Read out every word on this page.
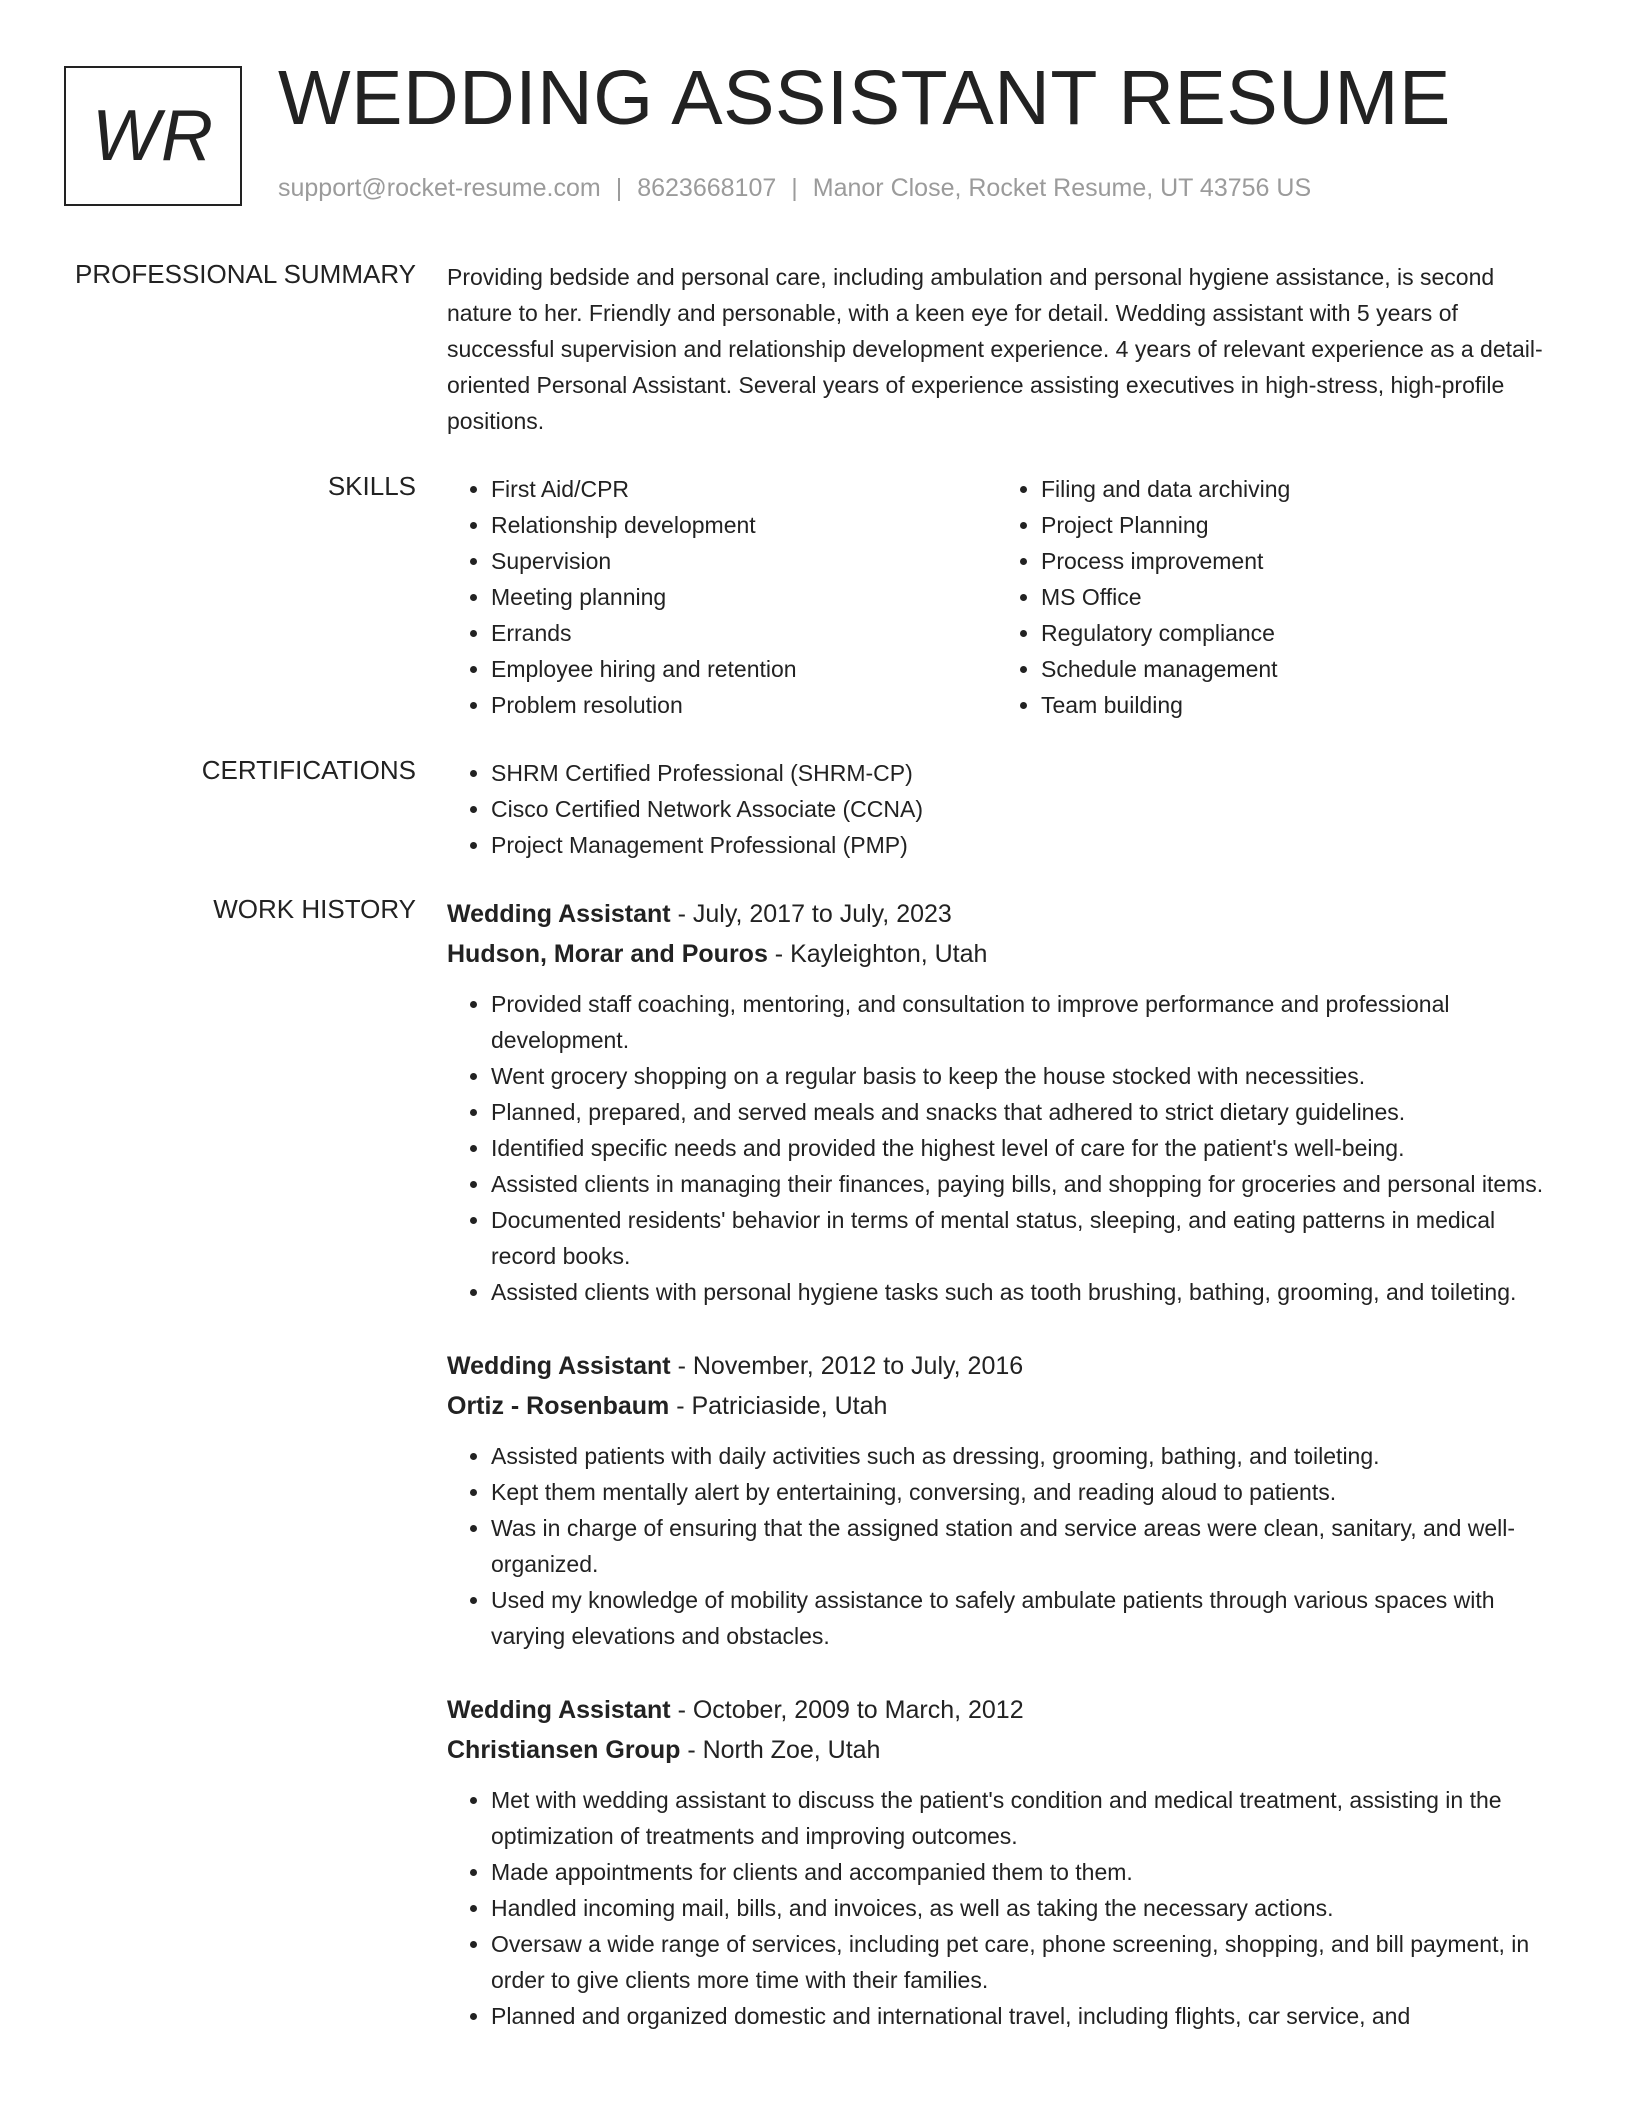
WR WEDDING ASSISTANT RESUME
support@rocket-resume.com | 8623668107 | Manor Close, Rocket Resume, UT 43756 US
PROFESSIONAL SUMMARY Providing bedside and personal care, including ambulation and personal hygiene assistance, is second nature to her. Friendly and personable, with a keen eye for detail. Wedding assistant with 5 years of successful supervision and relationship development experience. 4 years of relevant experience as a detail-oriented Personal Assistant. Several years of experience assisting executives in high-stress, high-profile positions.

SKILLS	• First Aid/CPR
• Relationship development
• Supervision
• Meeting planning
• Errands
• Employee hiring and retention
• Problem resolution
• Filing and data archiving
• Project Planning
• Process improvement
• MS Office
• Regulatory compliance
• Schedule management
• Team building
CERTIFICATIONS	• SHRM Certified Professional (SHRM-CP)
• Cisco Certified Network Associate (CCNA)
• Project Management Professional (PMP)
WORK HISTORY Wedding Assistant - July, 2017 to July, 2023

Hudson, Morar and Pouros - Kayleighton, Utah

• Provided staff coaching, mentoring, and consultation to improve performance and professional development.
• Went grocery shopping on a regular basis to keep the house stocked with necessities.
• Planned, prepared, and served meals and snacks that adhered to strict dietary guidelines.
• Identified specific needs and provided the highest level of care for the patient's well-being.
• Assisted clients in managing their finances, paying bills, and shopping for groceries and personal items.
• Documented residents' behavior in terms of mental status, sleeping, and eating patterns in medical record books.
• Assisted clients with personal hygiene tasks such as tooth brushing, bathing, grooming, and toileting.

Wedding Assistant - November, 2012 to July, 2016

Ortiz - Rosenbaum - Patriciaside, Utah

• Assisted patients with daily activities such as dressing, grooming, bathing, and toileting.
• Kept them mentally alert by entertaining, conversing, and reading aloud to patients.
• Was in charge of ensuring that the assigned station and service areas were clean, sanitary, and well-organized.
• Used my knowledge of mobility assistance to safely ambulate patients through various spaces with varying elevations and obstacles.

Wedding Assistant - October, 2009 to March, 2012

Christiansen Group - North Zoe, Utah

• Met with wedding assistant to discuss the patient's condition and medical treatment, assisting in the optimization of treatments and improving outcomes.
• Made appointments for clients and accompanied them to them.
• Handled incoming mail, bills, and invoices, as well as taking the necessary actions.
• Oversaw a wide range of services, including pet care, phone screening, shopping, and bill payment, in order to give clients more time with their families.
• Planned and organized domestic and international travel, including flights, car service, and
